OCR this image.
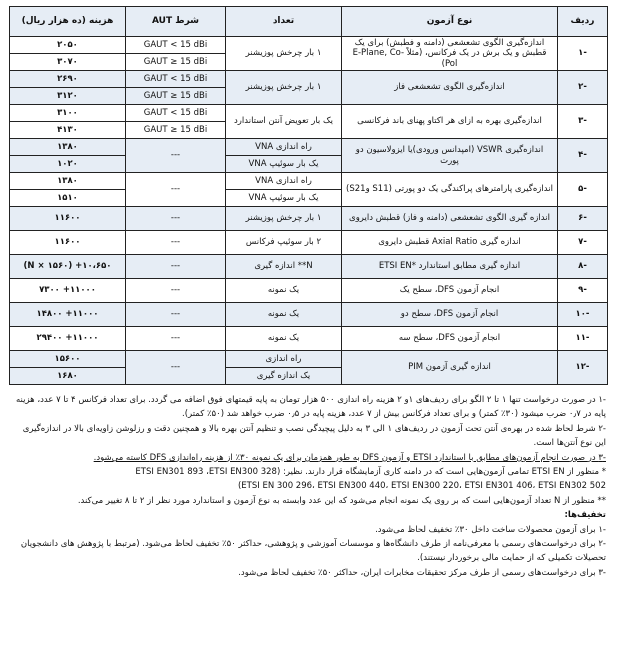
ردیف	نوع آزمون	تعداد	شرط AUT	هزینه (ده هزار ریال)
-۱	اندازه‌گیری الگوی تشعشعی (دامنه و فطبش) برای یک قطبش و یک برش در یک فرکانس، (مثلاً E-Plane, Co-Pol)	۱ بار چرخش پوزیشنر	GAUT < 15 dBi	۲۰۵۰
			GAUT ≥ 15 dBi	۳۰۷۰
-۲	اندازه‌گیری الگوی تشعشعی فاز	۱ بار چرخش پوزیشنر	GAUT < 15 dBi	۲۶۹۰
			GAUT ≥ 15 dBi	۳۱۲۰
-۳	اندازه‌گیری بهره به ازای هر اکتاو پهنای باند فرکانسی	یک بار تعویض آنتن استاندارد	GAUT < 15 dBi	۳۱۰۰
			GAUT ≥ 15 dBi	۴۱۳۰
-۴	اندازه‌گیری VSWR (امپدانس ورودی)یا ایزولاسیون دو پورت	راه اندازی VNA	---	۱۳۸۰
		یک بار سوئیپ VNA		۱۰۲۰
-۵	اندازه‌گیری پارامترهای پراکندگی یک دو پورتی (S11 وS21)	راه اندازی VNA	---	۱۳۸۰
		یک بار سوئیپ VNA		۱۵۱۰
-۶	اندازه گیری الگوی تشعشعی (دامنه و فاز) قطبش دایروی	۱ بار چرخش پوزیشنر	---	۱۱۶۰۰
-۷	اندازه گیری Axial Ratio قطبش دایروی	۲ بار سوئیپ فرکانس	---	۱۱۶۰۰
-۸	اندازه گیری مطابق استاندارد *ETSI EN	N** اندازه گیری	---	۱۰،۶۵۰+ (N × ۱۵۶۰)
-۹	انجام آزمون DFS، سطح یک	یک نمونه	---	۱۱۰۰۰+ ۷۳۰۰
-۱۰	انجام آزمون DFS، سطح دو	یک نمونه	---	۱۱۰۰۰+ ۱۴۸۰۰
-۱۱	انجام آزمون DFS، سطح سه	یک نمونه	---	۱۱۰۰۰+ ۲۹۴۰۰
-۱۲	اندازه گیری آزمون PIM	راه اندازی	---	۱۵۶۰۰
		یک اندازه گیری		۱۶۸۰

-۱ در صورت درخواست تنها ۱ تا ۲ الگو برای ردیف‌های ۱و ۲ هزینه راه اندازی ۵۰۰ هزار تومان به پایه قیمتهای فوق اضافه می گردد. برای تعداد فرکانس ۴ تا ۷ عدد، هزینه پایه در ۰٫۷ ضرب میشود (۳۰٪ کمتر) و برای تعداد فرکانس بیش از ۷ عدد، هزینه پایه در ۰٫۵ ضرب خواهد شد (۵۰٪ کمتر).

-۲ شرط لحاظ شده در بهره‌ی آنتن تحت آزمون در ردیف‌های ۱ الی ۳ به دلیل پیچیدگی نصب و تنظیم آنتن بهره بالا و همچنین دقت و رزلوشن زاویه‌ای بالا در اندازه‌گیری این نوع آنتن‌ها است.

-۳ در صورت انجام آزمون‌های مطابق با استاندارد ETSI و آزمون DFS به طور همزمان برای یک نمونه ۳۰٪ از هزینه راه‌اندازی DFS کاسته می‌شود.

* منظور از ETSI EN تمامی آزمون‌هایی است که در دامنه کاری آزمایشگاه قرار دارند. نظیر: (ETSI EN301 893 ،ETSI EN300 328

(ETSI EN 300 296، ETSI EN300 440، ETSI EN300 220، ETSI EN301 406، ETSI EN302 502

** منظور از N تعداد آزمون‌هایی است که بر روی یک نمونه انجام می‌شود که این عدد وابسته به نوع آزمون و استاندارد مورد نظر از ۲ تا ۸ تغییر می‌کند.

تخفیف‌ها:

-۱ برای آزمون محصولات ساخت داخل ۳۰٪ تخفیف لحاظ می‌شود.

-۲ برای درخواست‌های رسمی با معرفی‌نامه از طرف دانشگاه‌ها و موسسات آموزشی و پژوهشی، حداکثر ۵۰٪ تخفیف لحاظ می‌شود. (مرتبط با پژوهش های دانشجویان تحصیلات تکمیلی که از حمایت مالی برخوردار نیستند).

-۳ برای درخواست‌های رسمی از طرف مرکز تحقیقات مخابرات ایران، حداکثر ۵۰٪ تخفیف لحاظ می‌شود.
